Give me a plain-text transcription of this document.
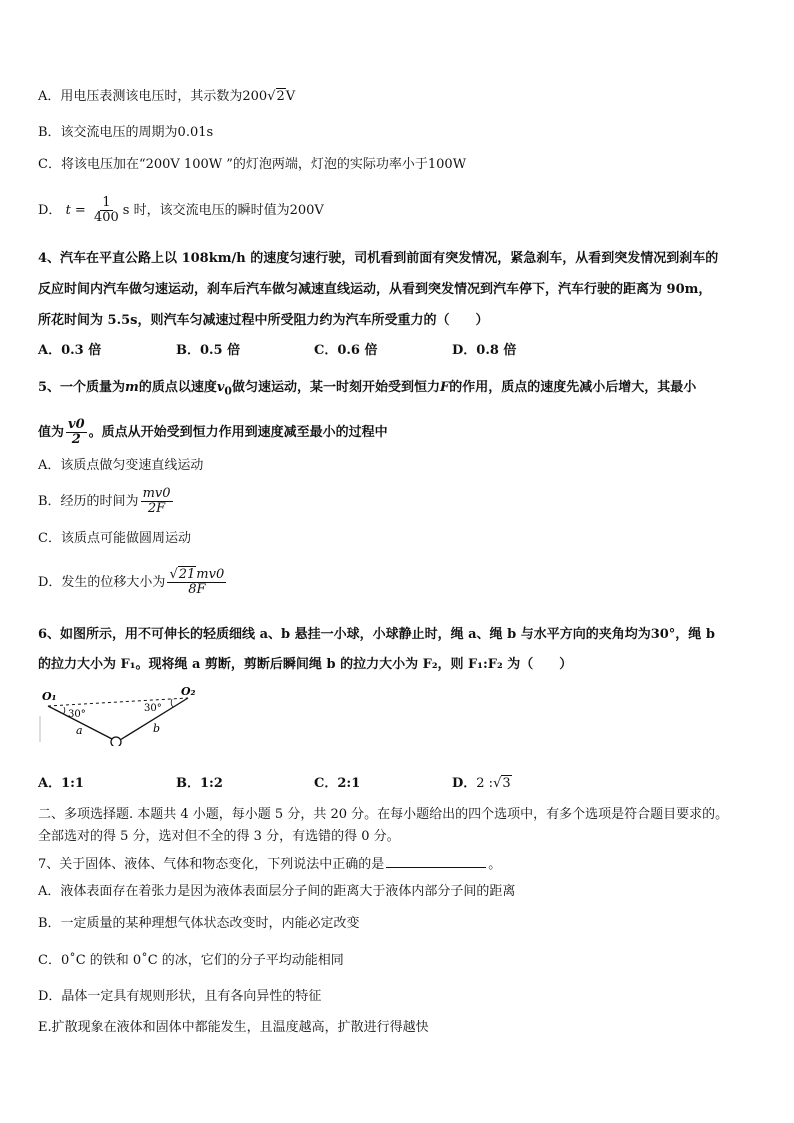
A．用电压表测该电压时，其示数为200√2V
B．该交流电压的周期为0.01s
C．将该电压加在“200V 100W ”的灯泡两端，灯泡的实际功率小于100W
D． $t = \frac{1}{400}$ s 时，该交流电压的瞬时值为200V
4、汽车在平直公路上以 108km/h 的速度匀速行驶，司机看到前面有突发情况，紧急刹车，从看到突发情况到刹车的
反应时间内汽车做匀速运动，刹车后汽车做匀减速直线运动，从看到突发情况到汽车停下，汽车行驶的距离为 90m，
所花时间为 5.5s，则汽车匀减速过程中所受阻力约为汽车所受重力的（　　）
A．0.3 倍	B．0.5 倍	C．0.6 倍	D．0.8 倍
5、一个质量为m的质点以速度$v_0$做匀速运动，某一时刻开始受到恒力F的作用，质点的速度先减小后增大，其最小
值为 $\frac{v0}{2}$ 。质点从开始受到恒力作用到速度减至最小的过程中
A．该质点做匀变速直线运动
B．经历的时间为 $\frac{mv0}{2F}$
C．该质点可能做圆周运动
D．发生的位移大小为 $\frac{√21mv0}{8F}$
6、如图所示，用不可伸长的轻质细线 a、b 悬挂一小球，小球静止时，绳 a、绳 b 与水平方向的夹角均为30°，绳 b
的拉力大小为 F₁。现将绳 a 剪断，剪断后瞬间绳 b 的拉力大小为 F₂，则 F₁:F₂ 为（　　）
O₁	O₂
30°
30°
a	b
A．1:1	B．1:2	C．2:1	D．2 :√3
二、多项选择题. 本题共 4 小题，每小题 5 分，共 20 分。在每小题给出的四个选项中，有多个选项是符合题目要求的。
全部选对的得 5 分，选对但不全的得 3 分，有选错的得 0 分。
7、关于固体、液体、气体和物态变化，下列说法中正确的是	。
A．液体表面存在着张力是因为液体表面层分子间的距离大于液体内部分子间的距离
B．一定质量的某种理想气体状态改变时，内能必定改变
C．0˚C 的铁和 0˚C 的冰，它们的分子平均动能相同
D．晶体一定具有规则形状，且有各向异性的特征
E.扩散现象在液体和固体中都能发生，且温度越高，扩散进行得越快
